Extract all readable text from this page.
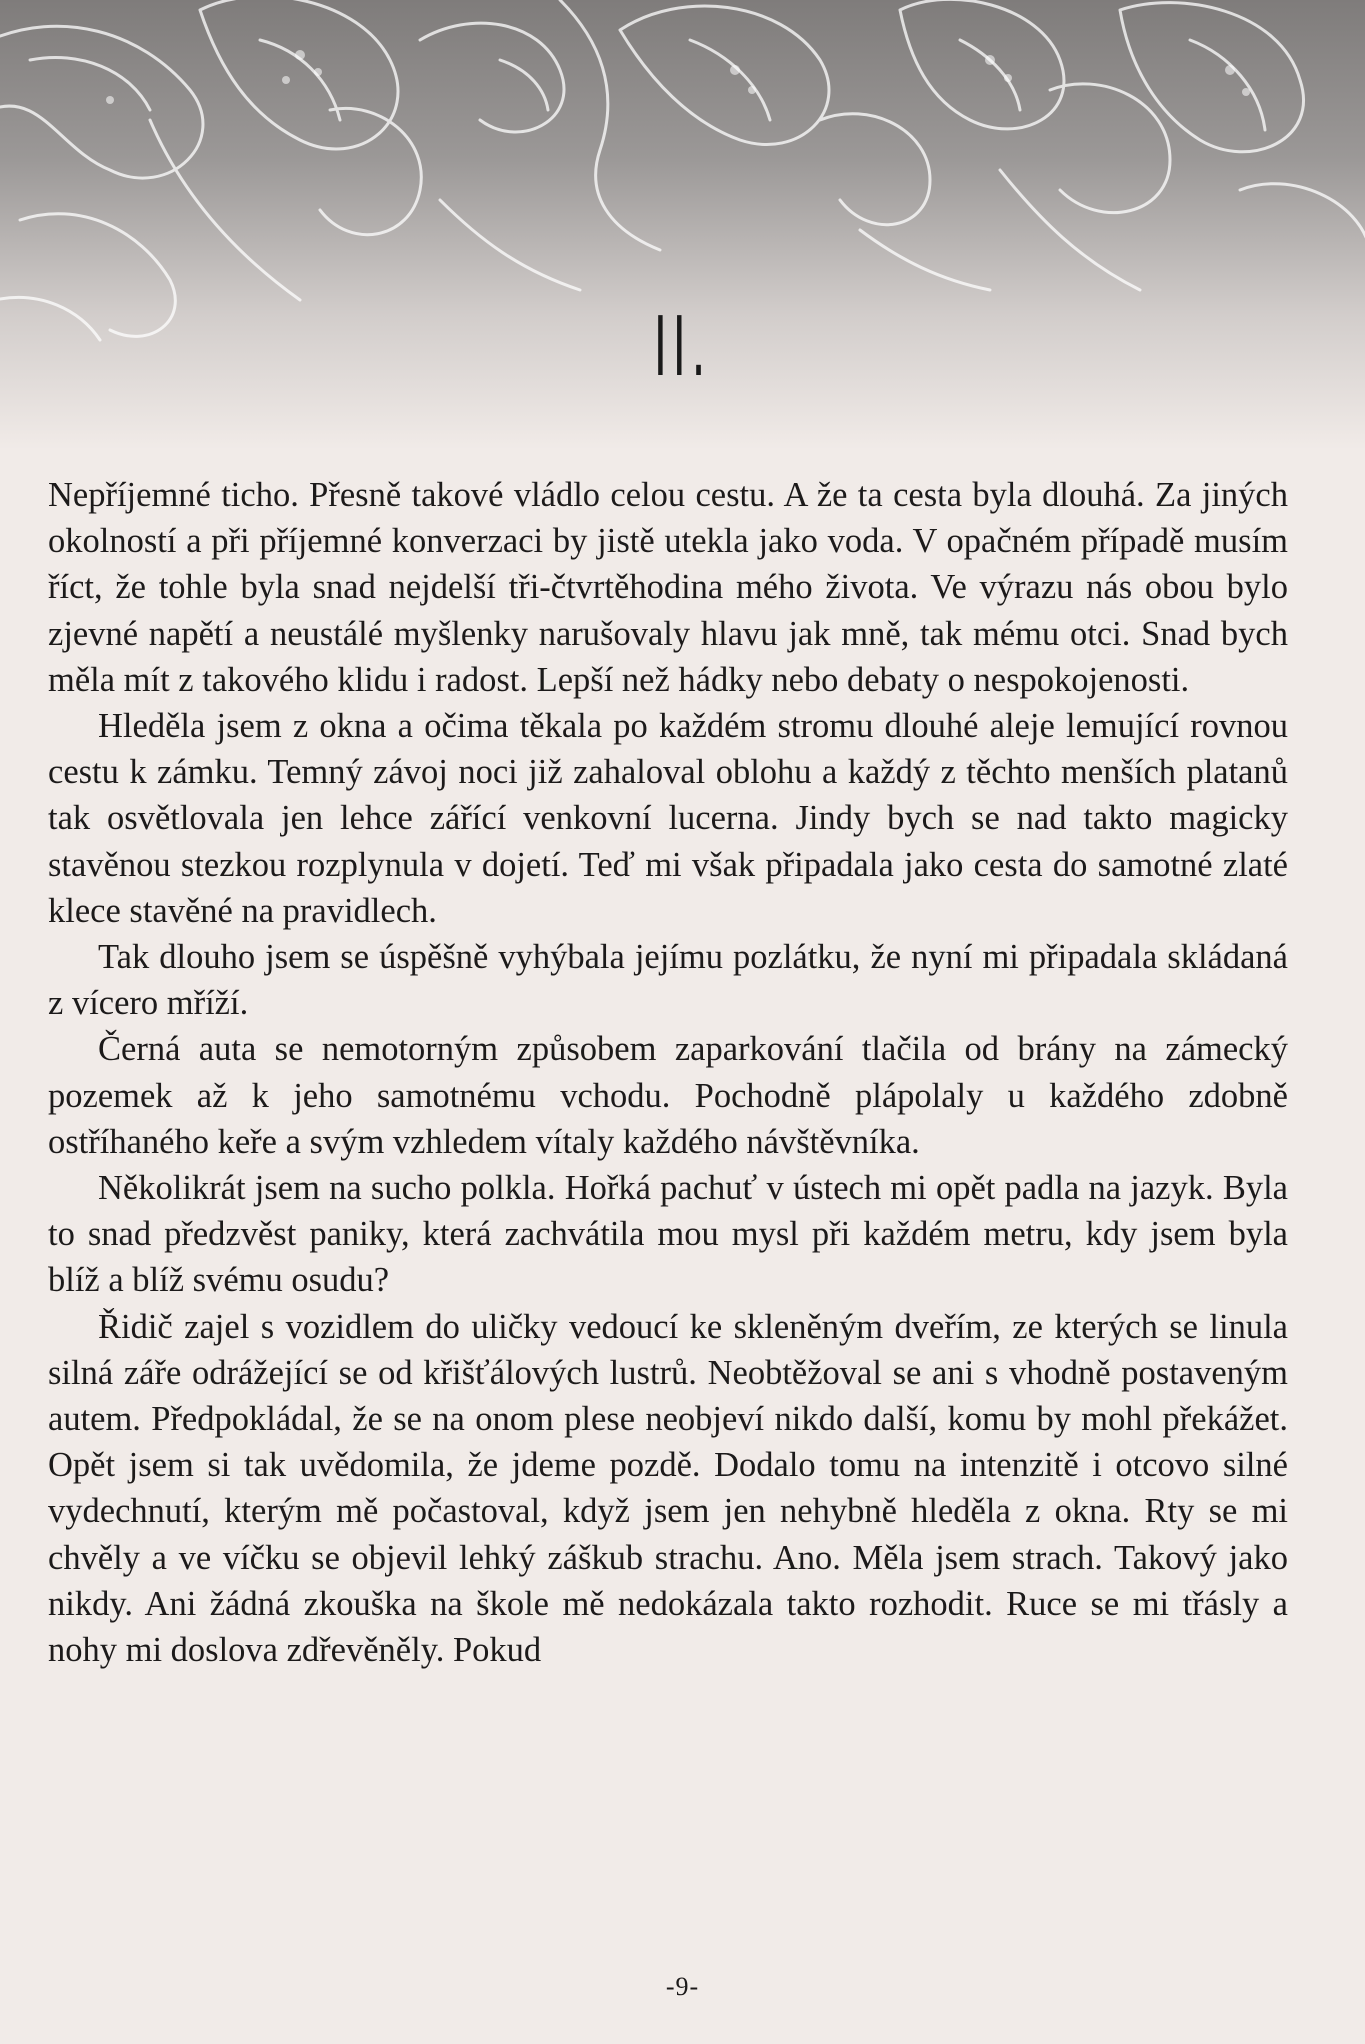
II.

Nepříjemné ticho. Přesně takové vládlo celou cestu. A že ta cesta byla dlouhá. Za jiných okolností a při příjemné konverzaci by jistě utekla jako voda. V opačném případě musím říct, že tohle byla snad nejdelší tři-čtvrtěhodina mého života. Ve výrazu nás obou bylo zjevné napětí a neustálé myšlenky narušovaly hlavu jak mně, tak mému otci. Snad bych měla mít z takového klidu i radost. Lepší než hádky nebo debaty o nespokojenosti.

Hleděla jsem z okna a očima těkala po každém stromu dlouhé aleje lemující rovnou cestu k zámku. Temný závoj noci již zahaloval oblohu a každý z těchto menších platanů tak osvětlovala jen lehce zářící venkovní lucerna. Jindy bych se nad takto magicky stavěnou stezkou rozplynula v dojetí. Teď mi však připadala jako cesta do samotné zlaté klece stavěné na pravidlech.

Tak dlouho jsem se úspěšně vyhýbala jejímu pozlátku, že nyní mi připadala skládaná z vícero mříží.

Černá auta se nemotorným způsobem zaparkování tlačila od brány na zámecký pozemek až k jeho samotnému vchodu. Pochodně plápolaly u každého zdobně ostříhaného keře a svým vzhledem vítaly každého návštěvníka.

Několikrát jsem na sucho polkla. Hořká pachuť v ústech mi opět padla na jazyk. Byla to snad předzvěst paniky, která zachvátila mou mysl při každém metru, kdy jsem byla blíž a blíž svému osudu?

Řidič zajel s vozidlem do uličky vedoucí ke skleněným dveřím, ze kterých se linula silná záře odrážející se od křišťálových lustrů. Neobtěžoval se ani s vhodně postaveným autem. Předpokládal, že se na onom plese neobjeví nikdo další, komu by mohl překážet. Opět jsem si tak uvědomila, že jdeme pozdě. Dodalo tomu na intenzitě i otcovo silné vydechnutí, kterým mě počastoval, když jsem jen nehybně hleděla z okna. Rty se mi chvěly a ve víčku se objevil lehký záškub strachu. Ano. Měla jsem strach. Takový jako nikdy. Ani žádná zkouška na škole mě nedokázala takto rozhodit. Ruce se mi třásly a nohy mi doslova zdřevěněly. Pokud

-9-
